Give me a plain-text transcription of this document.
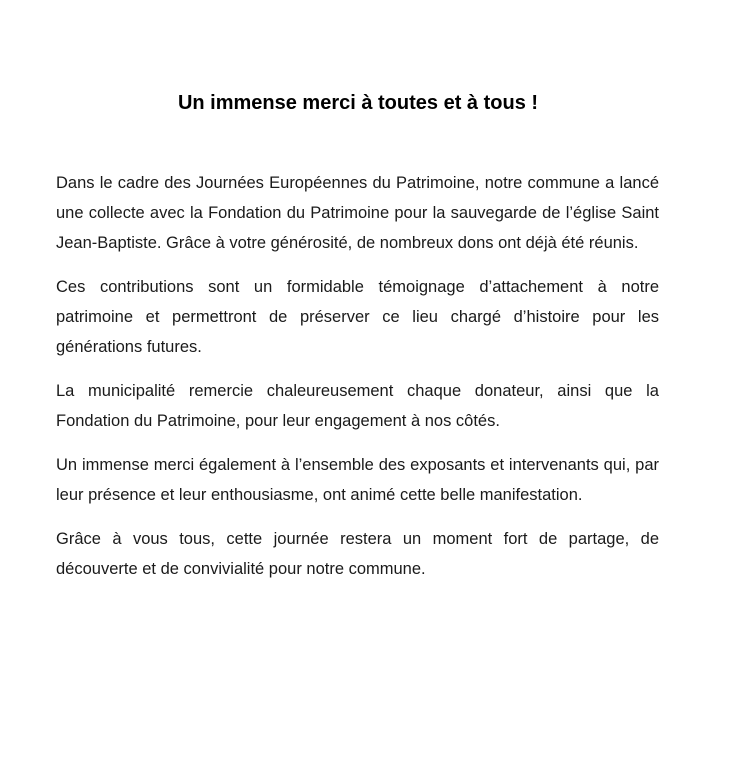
Un immense merci à toutes et à tous !

Dans le cadre des Journées Européennes du Patrimoine, notre commune a lancé une collecte avec la Fondation du Patrimoine pour la sauvegarde de l’église Saint Jean-Baptiste. Grâce à votre générosité, de nombreux dons ont déjà été réunis.

Ces contributions sont un formidable témoignage d’attachement à notre patrimoine et permettront de préserver ce lieu chargé d’histoire pour les générations futures.

La municipalité remercie chaleureusement chaque donateur, ainsi que la Fondation du Patrimoine, pour leur engagement à nos côtés.

Un immense merci également à l’ensemble des exposants et intervenants qui, par leur présence et leur enthousiasme, ont animé cette belle manifestation.

Grâce à vous tous, cette journée restera un moment fort de partage, de découverte et de convivialité pour notre commune.
